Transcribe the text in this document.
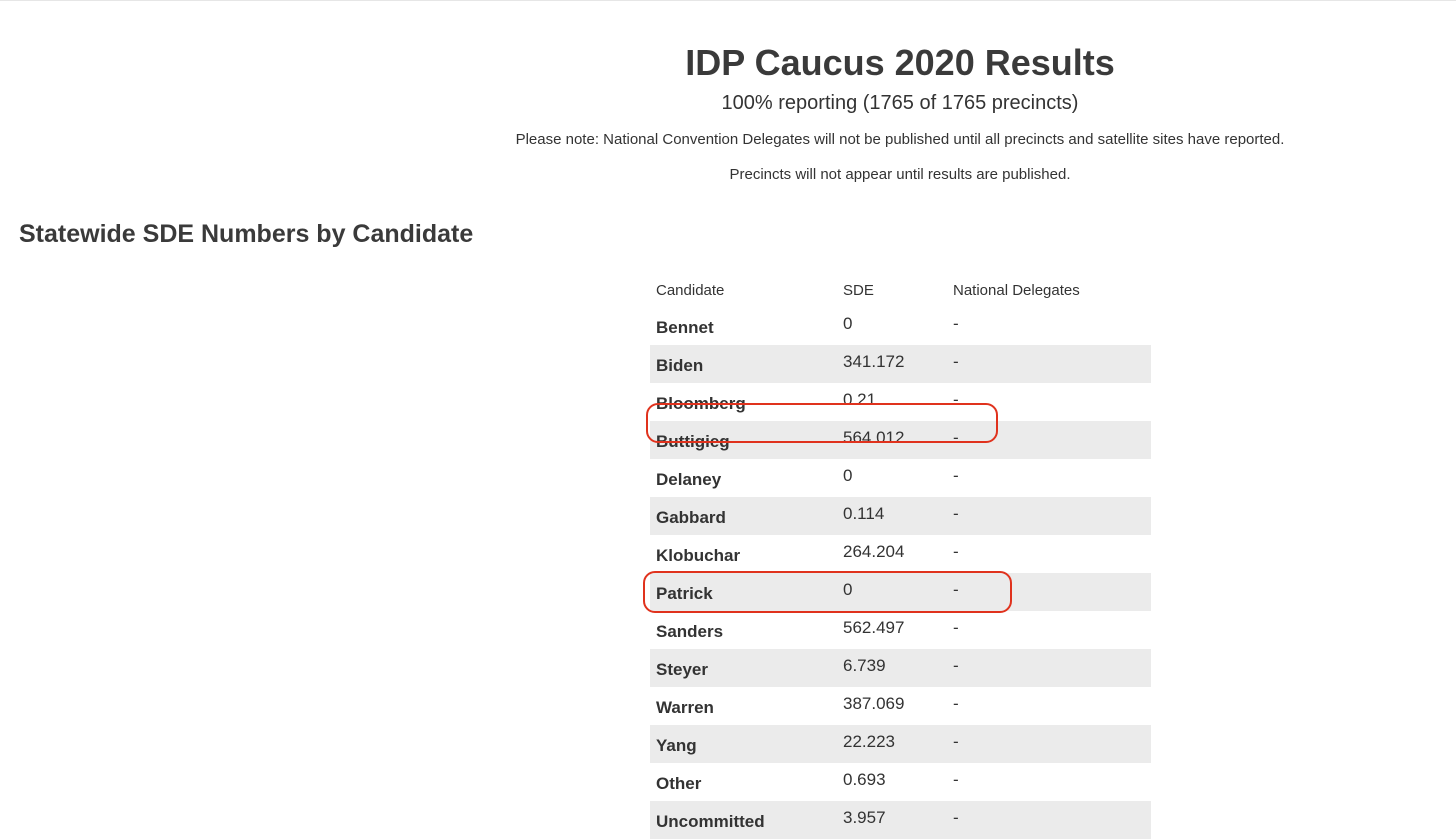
IDP Caucus 2020 Results
100% reporting (1765 of 1765 precincts)
Please note: National Convention Delegates will not be published until all precincts and satellite sites have reported.
Precincts will not appear until results are published.
Statewide SDE Numbers by Candidate
Candidate	SDE	National Delegates
Bennet	0	-
Biden	341.172	-
Bloomberg	0.21	-
Buttigieg	564.012	-
Delaney	0	-
Gabbard	0.114	-
Klobuchar	264.204	-
Patrick	0	-
Sanders	562.497	-
Steyer	6.739	-
Warren	387.069	-
Yang	22.223	-
Other	0.693	-
Uncommitted	3.957	-
